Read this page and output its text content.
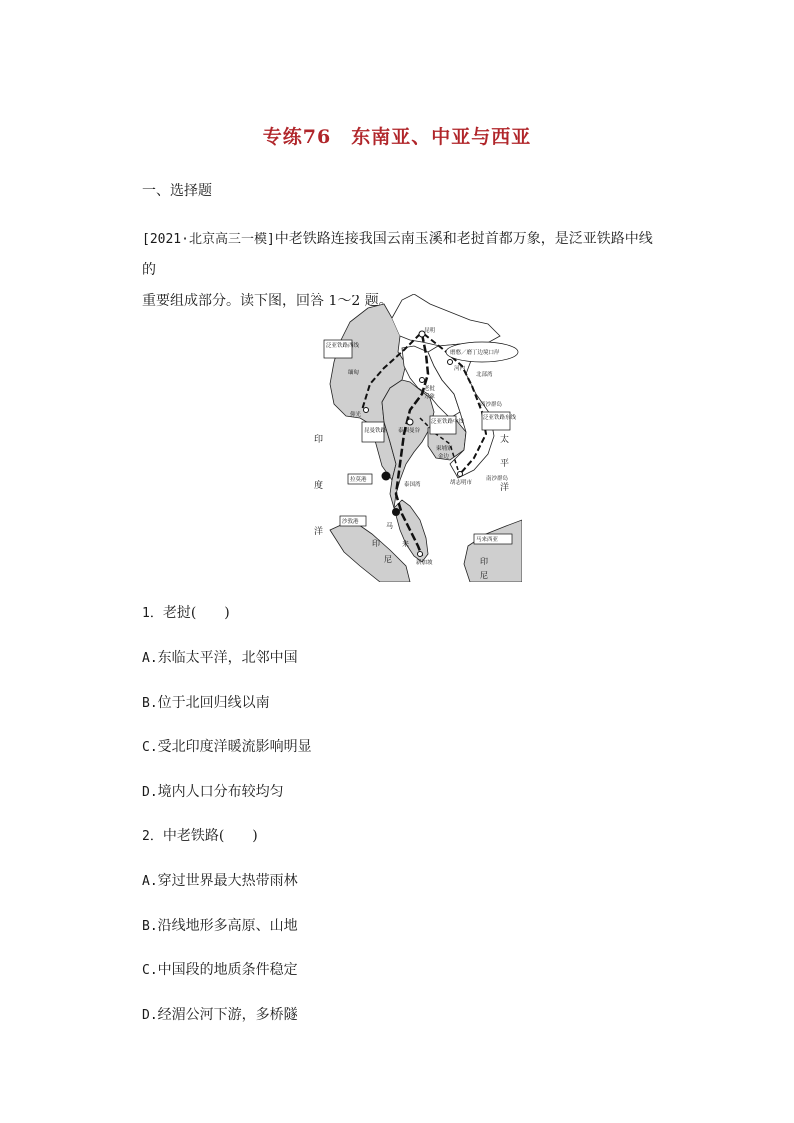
专练76　东南亚、中亚与西亚
一、选择题
[2021·北京高三一模]中老铁路连接我国云南玉溪和老挝首都万象，是泛亚铁路中线的
重要组成部分。读下图，回答 1～2 题。
泛亚铁路西线
磨憨／磨丁边境口岸
泛亚铁路中线
泛亚铁路东线
昆曼铁路
拉莫港
沙敦港
马来西亚
昆明
缅甸
仰光
老挝
万象
河内
北部湾
西沙群岛
泰国曼谷
柬埔寨
金边
胡志明市
泰国湾
南沙群岛
马
来
新加坡
印
尼	印
尼
太
平
洋
印
度
洋
1．老挝(　　)
A.东临太平洋，北邻中国
B.位于北回归线以南
C.受北印度洋暖流影响明显
D.境内人口分布较均匀
2．中老铁路(　　)
A.穿过世界最大热带雨林
B.沿线地形多高原、山地
C.中国段的地质条件稳定
D.经湄公河下游，多桥隧
